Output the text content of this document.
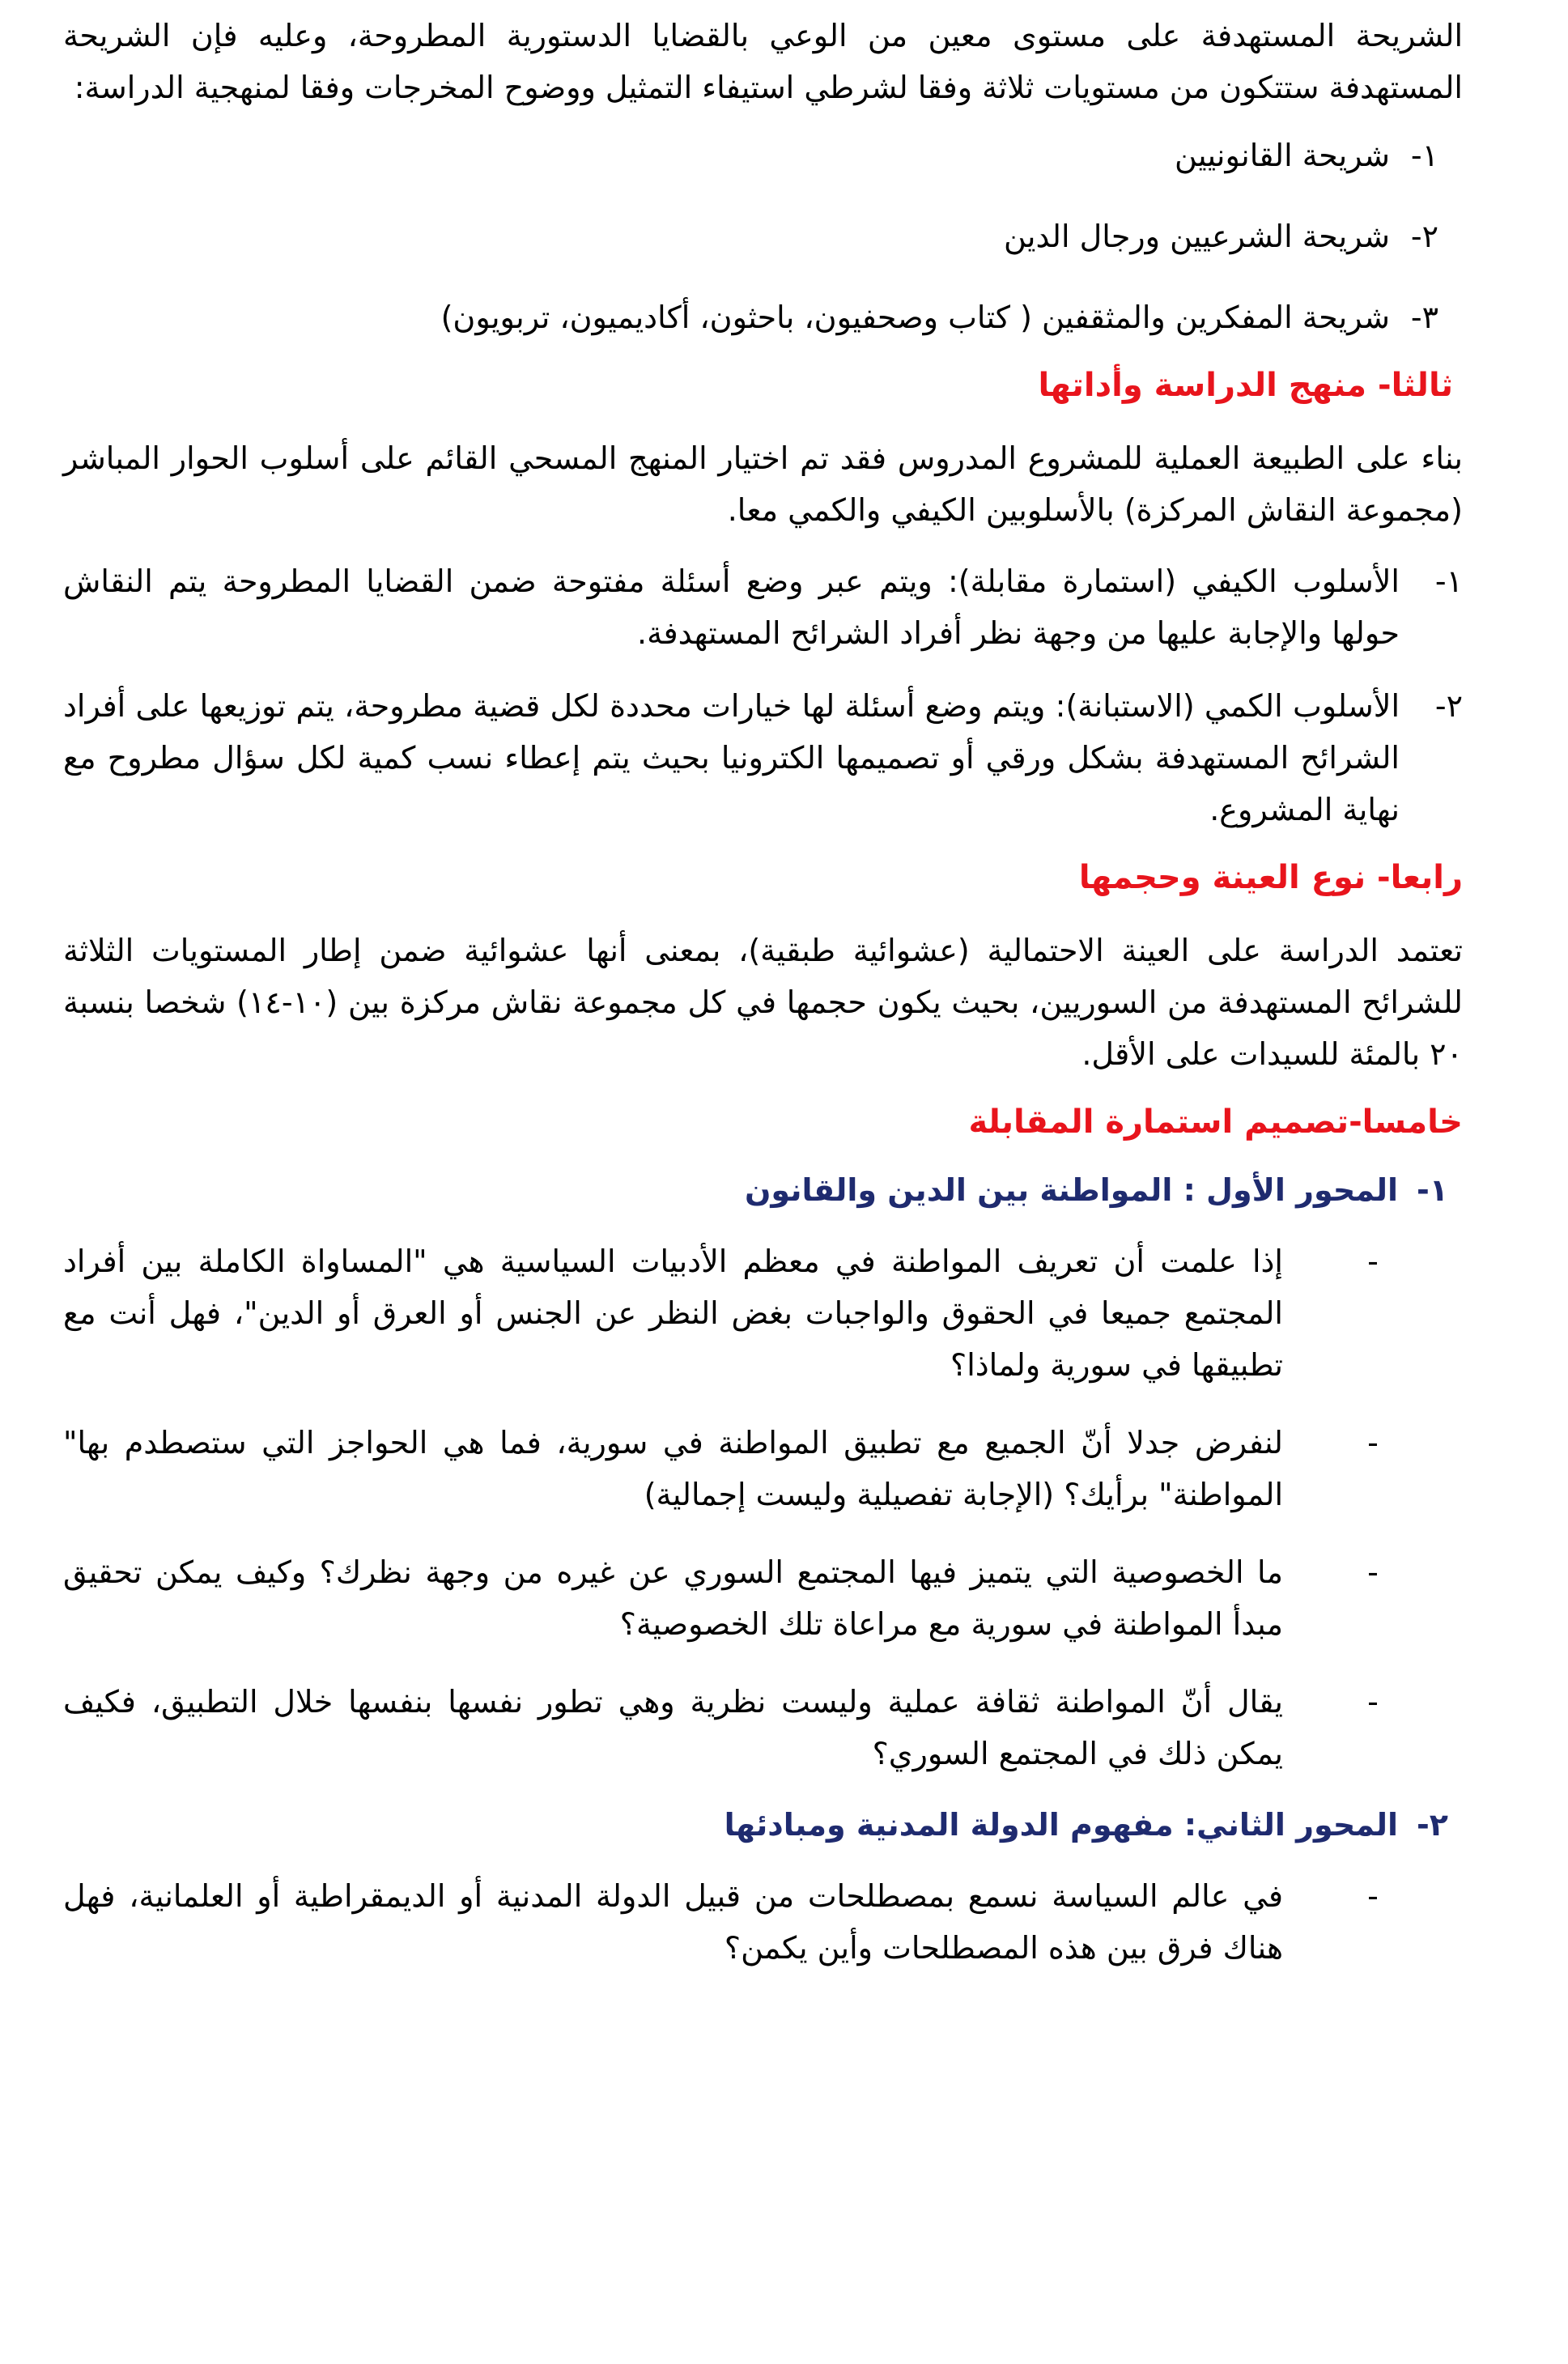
الشريحة المستهدفة على مستوى معين من الوعي بالقضايا الدستورية المطروحة، وعليه فإن الشريحة المستهدفة ستتكون من مستويات ثلاثة وفقا لشرطي استيفاء التمثيل ووضوح المخرجات وفقا لمنهجية الدراسة:

١-
شريحة القانونيين
٢-
شريحة الشرعيين ورجال الدين
٣-
شريحة المفكرين والمثقفين ( كتاب وصحفيون، باحثون، أكاديميون، تربويون)
ثالثا- منهج الدراسة وأداتها

بناء على الطبيعة العملية للمشروع المدروس فقد تم اختيار المنهج المسحي القائم على أسلوب الحوار المباشر (مجموعة النقاش المركزة) بالأسلوبين الكيفي والكمي معا.

١-
الأسلوب الكيفي (استمارة مقابلة): ويتم عبر وضع أسئلة مفتوحة ضمن القضايا المطروحة يتم النقاش حولها والإجابة عليها من وجهة نظر أفراد الشرائح المستهدفة.
٢-
الأسلوب الكمي (الاستبانة): ويتم وضع أسئلة لها خيارات محددة لكل قضية مطروحة، يتم توزيعها على أفراد الشرائح المستهدفة بشكل ورقي أو تصميمها الكترونيا بحيث يتم إعطاء نسب كمية لكل سؤال مطروح مع نهاية المشروع.
رابعا- نوع العينة وحجمها

تعتمد الدراسة على العينة الاحتمالية (عشوائية طبقية)، بمعنى أنها عشوائية ضمن إطار المستويات الثلاثة للشرائح المستهدفة من السوريين، بحيث يكون حجمها في كل مجموعة نقاش مركزة بين (١٠-١٤) شخصا بنسبة ٢٠ بالمئة للسيدات على الأقل.

خامسا-تصميم استمارة المقابلة
١-
المحور الأول : المواطنة بين الدين والقانون
-
إذا علمت أن تعريف المواطنة في معظم الأدبيات السياسية هي "المساواة الكاملة بين أفراد المجتمع جميعا في الحقوق والواجبات بغض النظر عن الجنس أو العرق أو الدين"، فهل أنت مع تطبيقها في سورية ولماذا؟
-
لنفرض جدلا أنّ الجميع مع تطبيق المواطنة في سورية، فما هي الحواجز التي ستصطدم بها" المواطنة" برأيك؟ (الإجابة تفصيلية وليست إجمالية)
-
ما الخصوصية التي يتميز فيها المجتمع السوري عن غيره من وجهة نظرك؟ وكيف يمكن تحقيق مبدأ المواطنة في سورية مع مراعاة تلك الخصوصية؟
-
يقال أنّ المواطنة ثقافة عملية وليست نظرية وهي تطور نفسها بنفسها خلال التطبيق، فكيف يمكن ذلك في المجتمع السوري؟
٢-
المحور الثاني: مفهوم الدولة المدنية ومبادئها
-
في عالم السياسة نسمع بمصطلحات من قبيل الدولة المدنية أو الديمقراطية أو العلمانية، فهل هناك فرق بين هذه المصطلحات وأين يكمن؟
